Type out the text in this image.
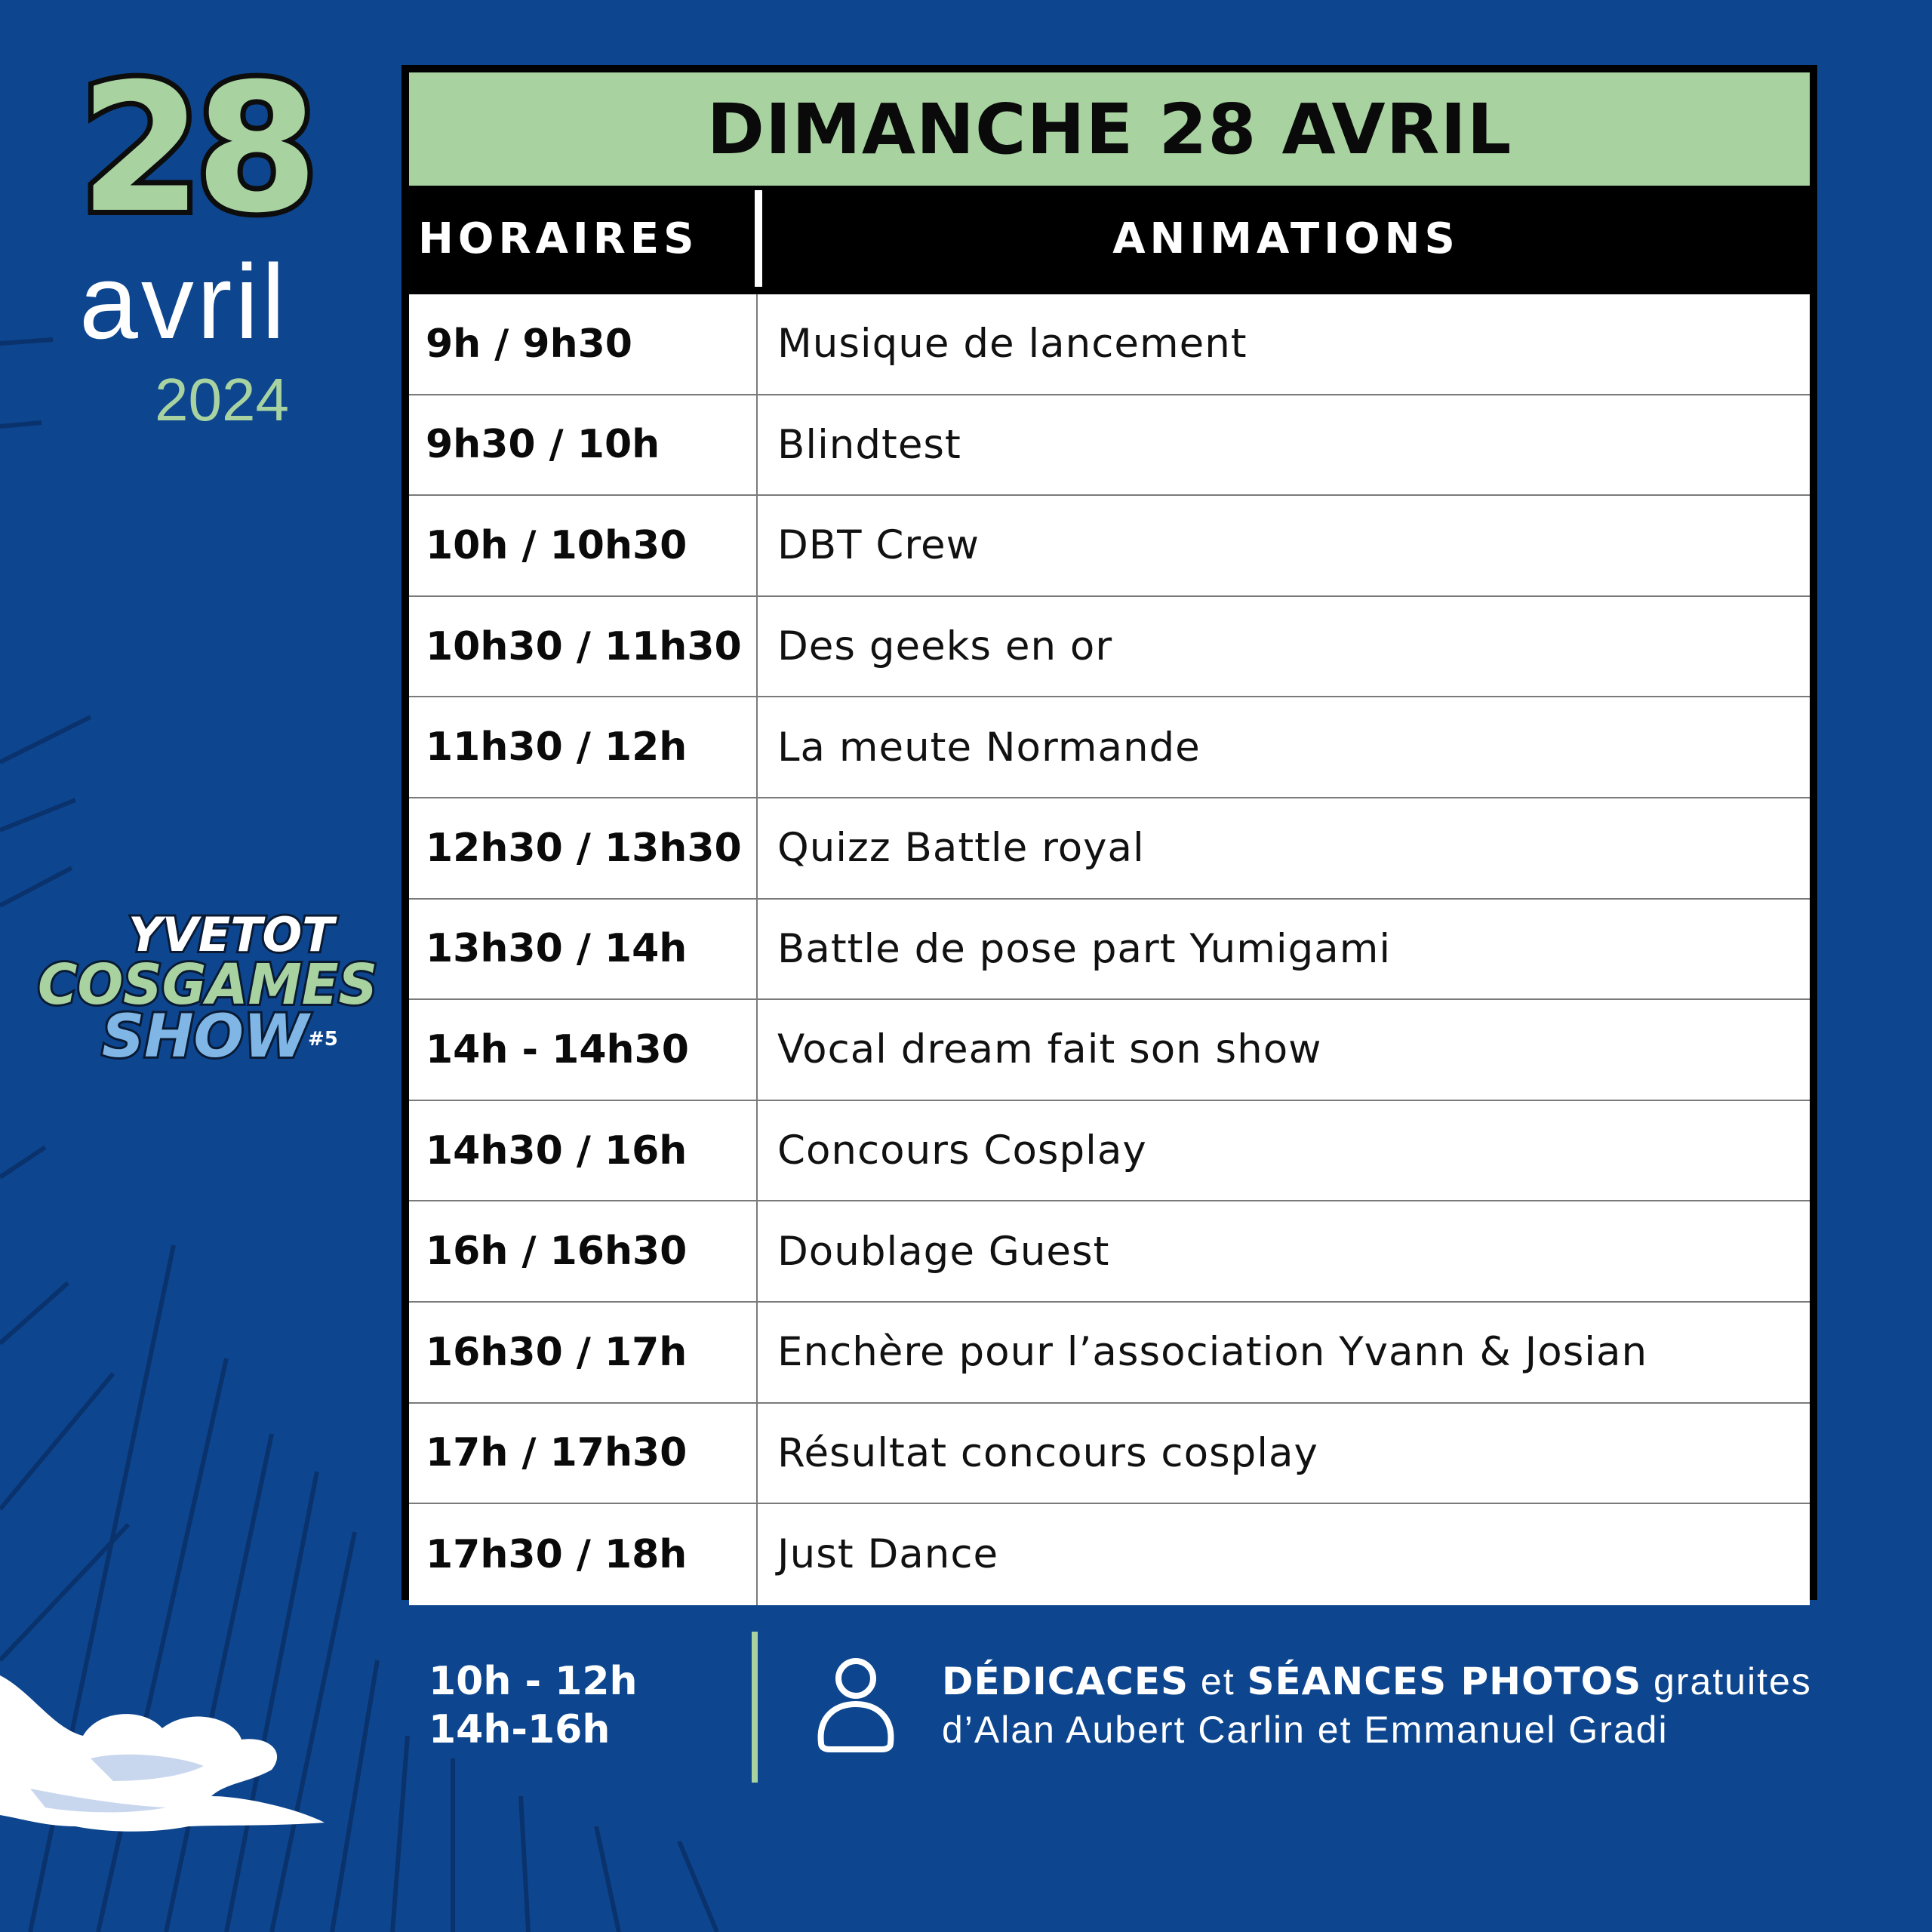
28
avril
2024
YVETOT
COSGAMES
SHOW #5
DIMANCHE 28 AVRIL
HORAIRES	ANIMATIONS
9h / 9h30	Musique de lancement
9h30 / 10h	Blindtest
10h / 10h30	DBT Crew
10h30 / 11h30 Des geeks en or
11h30 / 12h	La meute Normande
12h30 / 13h30 Quizz Battle royal
13h30 / 14h	Battle de pose part Yumigami
14h - 14h30	Vocal dream fait son show
14h30 / 16h	Concours Cosplay
16h / 16h30	Doublage Guest
16h30 / 17h	Enchère pour l’association Yvann & Josian
17h / 17h30	Résultat concours cosplay
17h30 / 18h	Just Dance
10h - 12h
14h-16h
DÉDICACES et SÉANCES PHOTOS gratuites
d’Alan Aubert Carlin et Emmanuel Gradi
